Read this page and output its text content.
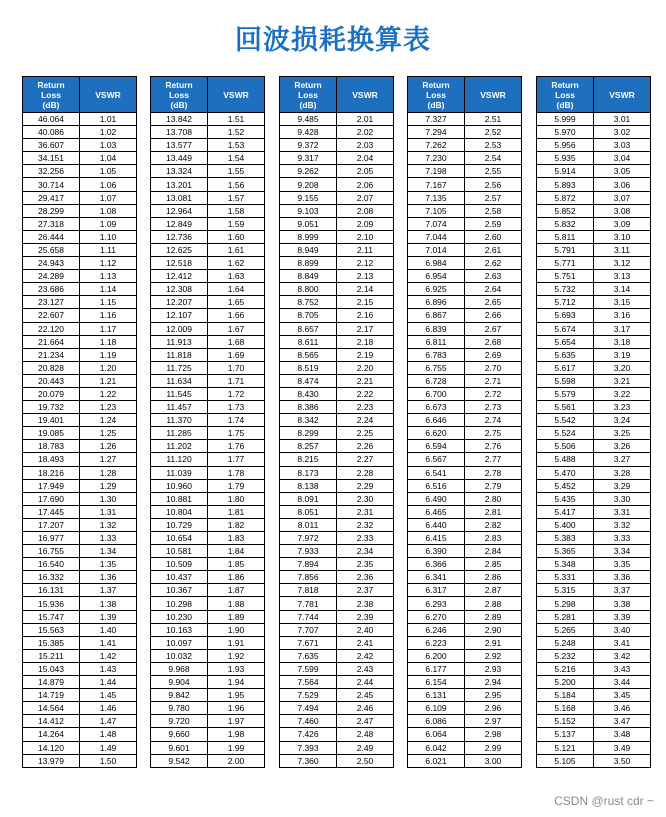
回波损耗换算表
Return
Loss
(dB)	VSWR
46.064	1.01
40.086	1.02
36.607	1.03
34.151	1.04
32.256	1.05
30.714	1.06
29.417	1.07
28.299	1.08
27.318	1.09
26.444	1.10
25.658	1.11
24.943	1.12
24.289	1.13
23.686	1.14
23.127	1.15
22.607	1.16
22.120	1.17
21.664	1.18
21.234	1.19
20.828	1.20
20.443	1.21
20.079	1.22
19.732	1.23
19.401	1.24
19.085	1.25
18.783	1.26
18.493	1.27
18.216	1.28
17.949	1.29
17.690	1.30
17.445	1.31
17.207	1.32
16.977	1.33
16.755	1.34
16.540	1.35
16.332	1.36
16.131	1.37
15.936	1.38
15.747	1.39
15.563	1.40
15.385	1.41
15.211	1.42
15.043	1.43
14.879	1.44
14.719	1.45
14.564	1.46
14.412	1.47
14.264	1.48
14.120	1.49
13.979	1.50
Return
Loss
(dB)	VSWR
13.842	1.51
13.708	1.52
13.577	1.53
13.449	1.54
13.324	1.55
13.201	1.56
13.081	1.57
12.964	1.58
12.849	1.59
12.736	1.60
12.625	1.61
12.518	1.62
12.412	1.63
12.308	1.64
12.207	1.65
12.107	1.66
12.009	1.67
11.913	1.68
11.818	1.69
11.725	1.70
11.634	1.71
11.545	1.72
11.457	1.73
11.370	1.74
11.285	1.75
11.202	1.76
11.120	1.77
11.039	1.78
10.960	1.79
10.881	1.80
10.804	1.81
10.729	1.82
10.654	1.83
10.581	1.84
10.509	1.85
10.437	1.86
10.367	1.87
10.298	1.88
10.230	1.89
10.163	1.90
10.097	1.91
10.032	1.92
9.968	1.93
9.904	1.94
9.842	1.95
9.780	1.96
9.720	1.97
9.660	1.98
9.601	1.99
9.542	2.00
Return
Loss
(dB)	VSWR
9.485	2.01
9.428	2.02
9.372	2.03
9.317	2.04
9.262	2.05
9.208	2.06
9.155	2.07
9.103	2.08
9.051	2.09
8.999	2.10
8.949	2.11
8.899	2.12
8.849	2.13
8.800	2.14
8.752	2.15
8.705	2.16
8.657	2.17
8.611	2.18
8.565	2.19
8.519	2.20
8.474	2.21
8.430	2.22
8.386	2.23
8.342	2.24
8.299	2.25
8.257	2.26
8.215	2.27
8.173	2.28
8.138	2.29
8.091	2.30
8.051	2.31
8.011	2.32
7.972	2.33
7.933	2.34
7.894	2.35
7.856	2.36
7.818	2.37
7.781	2.38
7.744	2.39
7.707	2.40
7.671	2.41
7.635	2.42
7.599	2.43
7.564	2.44
7.529	2.45
7.494	2.46
7.460	2.47
7.426	2.48
7.393	2.49
7.360	2.50
Return
Loss
(dB)	VSWR
7.327	2.51
7.294	2.52
7.262	2.53
7.230	2.54
7.198	2.55
7.167	2.56
7.135	2.57
7.105	2.58
7.074	2.59
7.044	2.60
7.014	2.61
6.984	2.62
6.954	2.63
6.925	2.64
6.896	2.65
6.867	2.66
6.839	2.67
6.811	2.68
6.783	2.69
6.755	2.70
6.728	2.71
6.700	2.72
6.673	2.73
6.646	2.74
6.620	2.75
6.594	2.76
6.567	2.77
6.541	2.78
6.516	2.79
6.490	2.80
6.465	2.81
6.440	2.82
6.415	2.83
6.390	2.84
6.366	2.85
6.341	2.86
6.317	2.87
6.293	2.88
6.270	2.89
6.246	2.90
6.223	2.91
6.200	2.92
6.177	2.93
6.154	2.94
6.131	2.95
6.109	2.96
6.086	2.97
6.064	2.98
6.042	2.99
6.021	3.00
Return
Loss
(dB)	VSWR
5.999	3.01
5.970	3.02
5.956	3.03
5.935	3.04
5.914	3.05
5.893	3.06
5.872	3.07
5.852	3.08
5.832	3.09
5.811	3.10
5.791	3.11
5.771	3.12
5.751	3.13
5.732	3.14
5.712	3.15
5.693	3.16
5.674	3.17
5.654	3.18
5.635	3.19
5.617	3.20
5.598	3.21
5.579	3.22
5.561	3.23
5.542	3.24
5.524	3.25
5.506	3.26
5.488	3.27
5.470	3.28
5.452	3.29
5.435	3.30
5.417	3.31
5.400	3.32
5.383	3.33
5.365	3.34
5.348	3.35
5.331	3.36
5.315	3.37
5.298	3.38
5.281	3.39
5.265	3.40
5.248	3.41
5.232	3.42
5.216	3.43
5.200	3.44
5.184	3.45
5.168	3.46
5.152	3.47
5.137	3.48
5.121	3.49
5.105	3.50
CSDN @rust cdr ~
